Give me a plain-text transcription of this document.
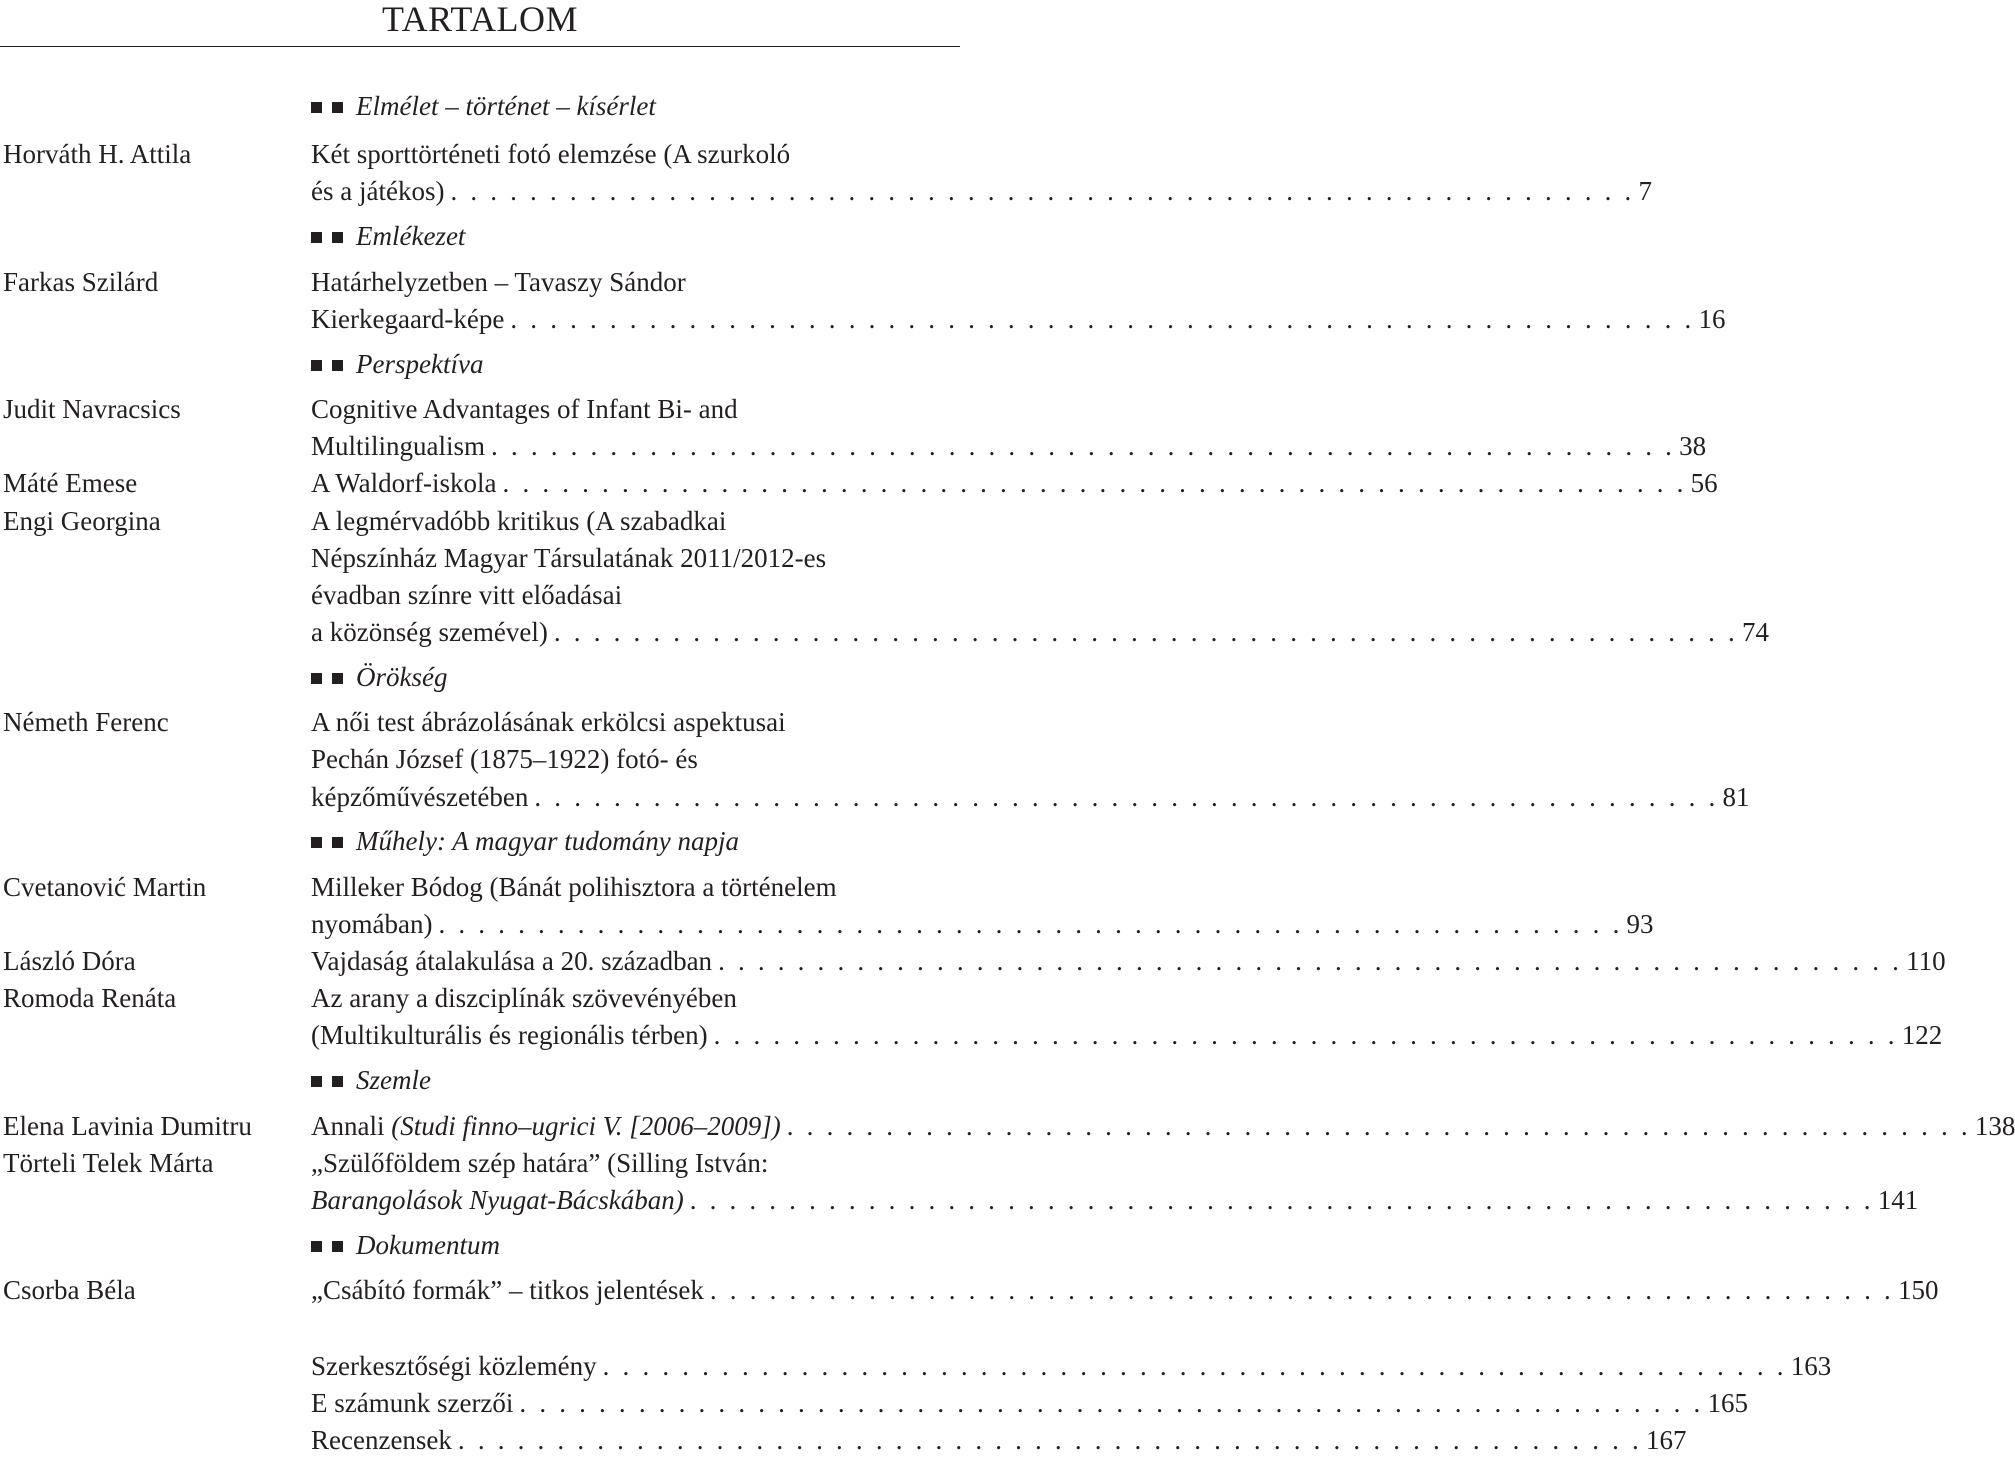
TARTALOM
Elmélet – történet – kísérlet
Horváth H. Attila	Két sporttörténeti fotó elemzése (A szurkoló
és a játékos) . . . . . . . . . . . . . . . . . . . . . . . . . . . . . . . . . . . . . . . . . . . . . . . . . . . . . . . . . . . . 7
Emlékezet
Farkas Szilárd	Határhelyzetben – Tavaszy Sándor
Kierkegaard-képe . . . . . . . . . . . . . . . . . . . . . . . . . . . . . . . . . . . . . . . . . . . . . . . . . . . . . . . . . . . . 16
Perspektíva
Judit Navracsics	Cognitive Advantages of Infant Bi- and
Multilingualism . . . . . . . . . . . . . . . . . . . . . . . . . . . . . . . . . . . . . . . . . . . . . . . . . . . . . . . . . . . . 38
Máté Emese	A Waldorf-iskola . . . . . . . . . . . . . . . . . . . . . . . . . . . . . . . . . . . . . . . . . . . . . . . . . . . . . . . . . . . . 56
Engi Georgina	A legmérvadóbb kritikus (A szabadkai
Népszínház Magyar Társulatának 2011/2012-es
évadban színre vitt előadásai
a közönség szemével) . . . . . . . . . . . . . . . . . . . . . . . . . . . . . . . . . . . . . . . . . . . . . . . . . . . . . . . . . . . . 74
Örökség
Németh Ferenc	A női test ábrázolásának erkölcsi aspektusai
Pechán József (1875–1922) fotó- és
képzőművészetében . . . . . . . . . . . . . . . . . . . . . . . . . . . . . . . . . . . . . . . . . . . . . . . . . . . . . . . . . . . . 81
Műhely: A magyar tudomány napja
Cvetanović Martin	Milleker Bódog (Bánát polihisztora a történelem
nyomában) . . . . . . . . . . . . . . . . . . . . . . . . . . . . . . . . . . . . . . . . . . . . . . . . . . . . . . . . . . . . 93
László Dóra	Vajdaság átalakulása a 20. században . . . . . . . . . . . . . . . . . . . . . . . . . . . . . . . . . . . . . . . . . . . . . . . . . . . . . . . . . . . . 110
Romoda Renáta	Az arany a diszciplínák szövevényében
(Multikulturális és regionális térben) . . . . . . . . . . . . . . . . . . . . . . . . . . . . . . . . . . . . . . . . . . . . . . . . . . . . . . . . . . . . 122
Szemle
Elena Lavinia Dumitru Annali (Studi finno–ugrici V. [2006–2009]) . . . . . . . . . . . . . . . . . . . . . . . . . . . . . . . . . . . . . . . . . . . . . . . . . . . . . . . . . . . . 138
Törteli Telek Márta	„Szülőföldem szép határa” (Silling István:
Barangolások Nyugat-Bácskában) . . . . . . . . . . . . . . . . . . . . . . . . . . . . . . . . . . . . . . . . . . . . . . . . . . . . . . . . . . . . 141
Dokumentum
Csorba Béla	„Csábító formák” – titkos jelentések . . . . . . . . . . . . . . . . . . . . . . . . . . . . . . . . . . . . . . . . . . . . . . . . . . . . . . . . . . . . 150
Szerkesztőségi közlemény . . . . . . . . . . . . . . . . . . . . . . . . . . . . . . . . . . . . . . . . . . . . . . . . . . . . . . . . . . . . 163
E számunk szerzői . . . . . . . . . . . . . . . . . . . . . . . . . . . . . . . . . . . . . . . . . . . . . . . . . . . . . . . . . . . . 165
Recenzensek . . . . . . . . . . . . . . . . . . . . . . . . . . . . . . . . . . . . . . . . . . . . . . . . . . . . . . . . . . . . 167
